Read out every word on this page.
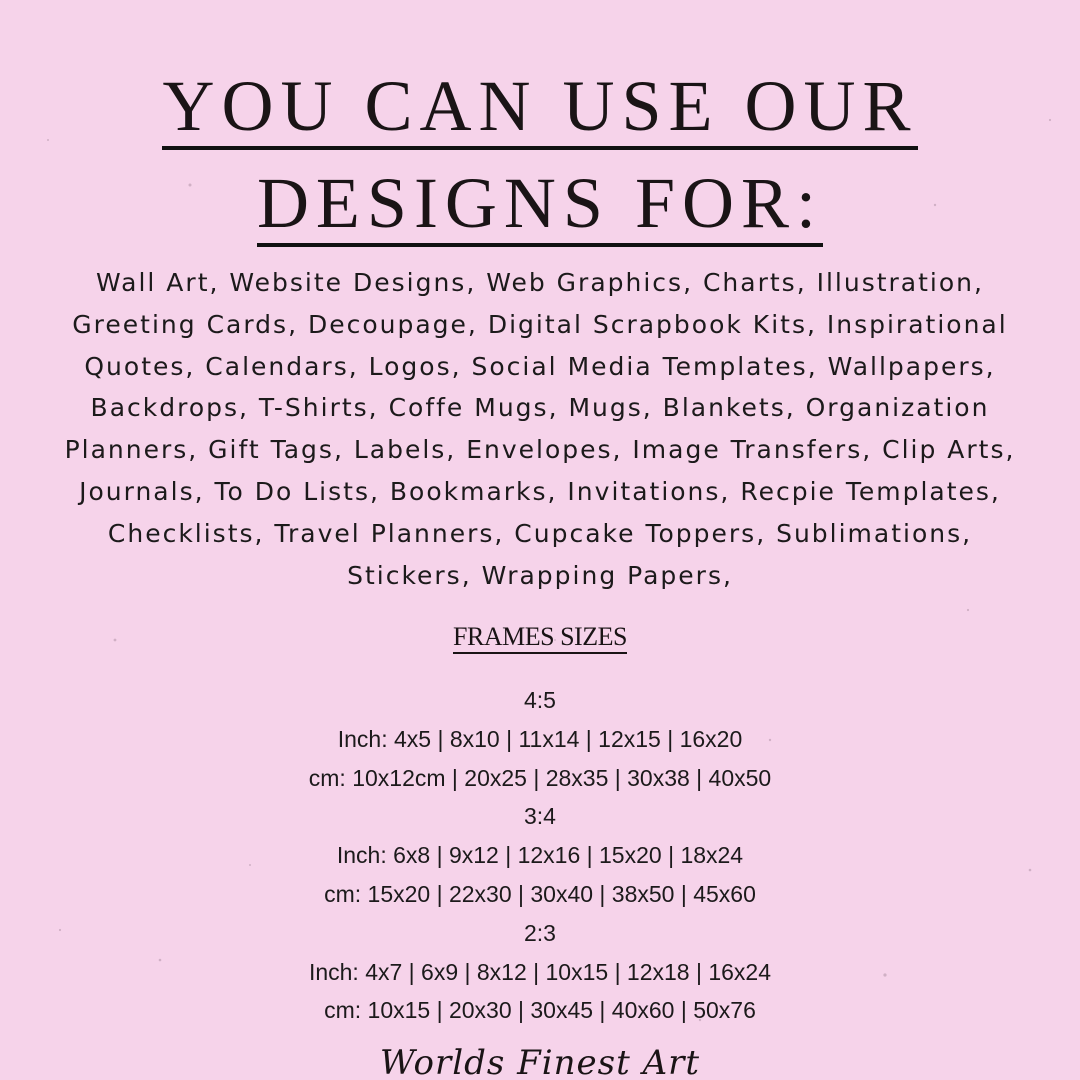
YOU CAN USE OUR
DESIGNS FOR:
Wall Art, Website Designs, Web Graphics, Charts, Illustration,
Greeting Cards, Decoupage, Digital Scrapbook Kits, Inspirational
Quotes, Calendars, Logos, Social Media Templates, Wallpapers,
Backdrops, T-Shirts, Coffe Mugs, Mugs, Blankets, Organization
Planners, Gift Tags, Labels, Envelopes, Image Transfers, Clip Arts,
Journals, To Do Lists, Bookmarks, Invitations, Recpie Templates,
Checklists, Travel Planners, Cupcake Toppers, Sublimations,
Stickers, Wrapping Papers,
FRAMES SIZES
4:5
Inch: 4x5 | 8x10 | 11x14 | 12x15 | 16x20
cm: 10x12cm | 20x25 | 28x35 | 30x38 | 40x50
3:4
Inch: 6x8 | 9x12 | 12x16 | 15x20 | 18x24
cm: 15x20 | 22x30 | 30x40 | 38x50 | 45x60
2:3
Inch: 4x7 | 6x9 | 8x12 | 10x15 | 12x18 | 16x24
cm: 10x15 | 20x30 | 30x45 | 40x60 | 50x76
Worlds Finest Art
